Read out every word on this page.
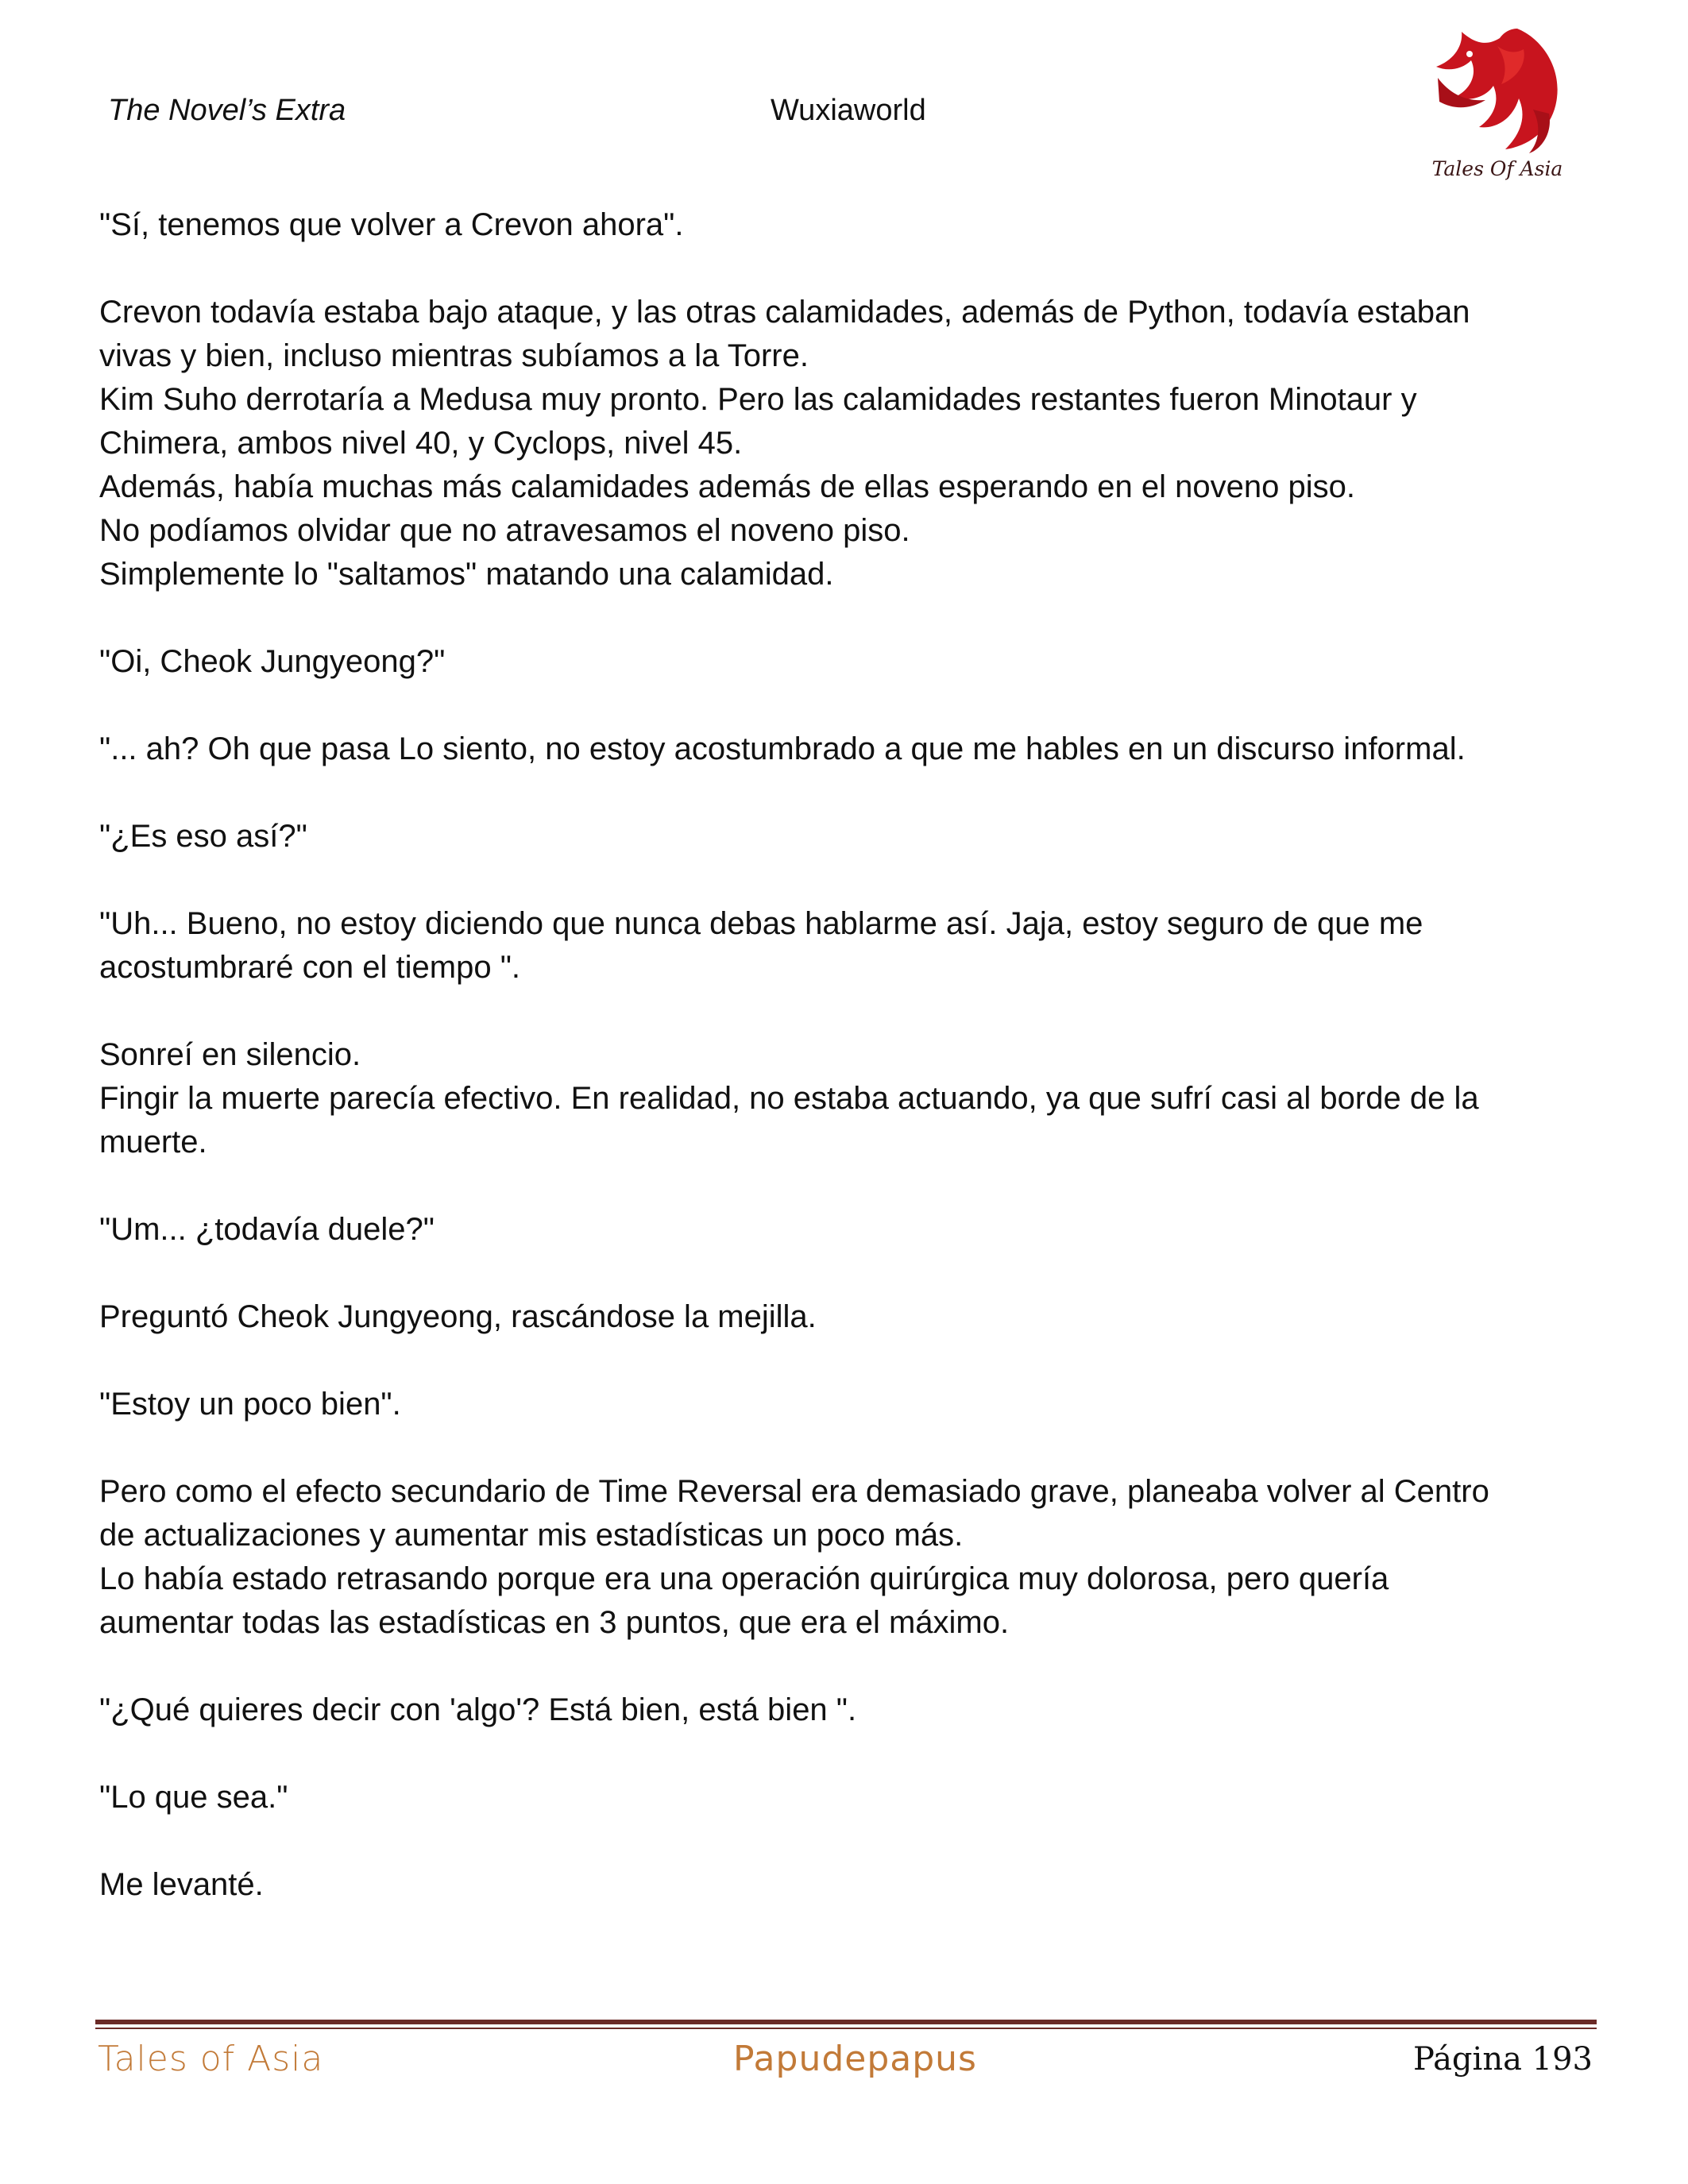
The Novel’s Extra	Wuxiaworld
Tales Of Asia

"Sí, tenemos que volver a Crevon ahora".

Crevon todavía estaba bajo ataque, y las otras calamidades, además de Python, todavía estaban

vivas y bien, incluso mientras subíamos a la Torre.

Kim Suho derrotaría a Medusa muy pronto. Pero las calamidades restantes fueron Minotaur y

Chimera, ambos nivel 40, y Cyclops, nivel 45.

Además, había muchas más calamidades además de ellas esperando en el noveno piso.

No podíamos olvidar que no atravesamos el noveno piso.

Simplemente lo "saltamos" matando una calamidad.

"Oi, Cheok Jungyeong?"

"... ah? Oh que pasa Lo siento, no estoy acostumbrado a que me hables en un discurso informal.

"¿Es eso así?"

"Uh... Bueno, no estoy diciendo que nunca debas hablarme así. Jaja, estoy seguro de que me

acostumbraré con el tiempo ".

Sonreí en silencio.

Fingir la muerte parecía efectivo. En realidad, no estaba actuando, ya que sufrí casi al borde de la

muerte.

"Um... ¿todavía duele?"

Preguntó Cheok Jungyeong, rascándose la mejilla.

"Estoy un poco bien".

Pero como el efecto secundario de Time Reversal era demasiado grave, planeaba volver al Centro

de actualizaciones y aumentar mis estadísticas un poco más.

Lo había estado retrasando porque era una operación quirúrgica muy dolorosa, pero quería

aumentar todas las estadísticas en 3 puntos, que era el máximo.

"¿Qué quieres decir con 'algo'? Está bien, está bien ".

"Lo que sea."

Me levanté.

Tales of Asia	Papudepapus	Página 193
